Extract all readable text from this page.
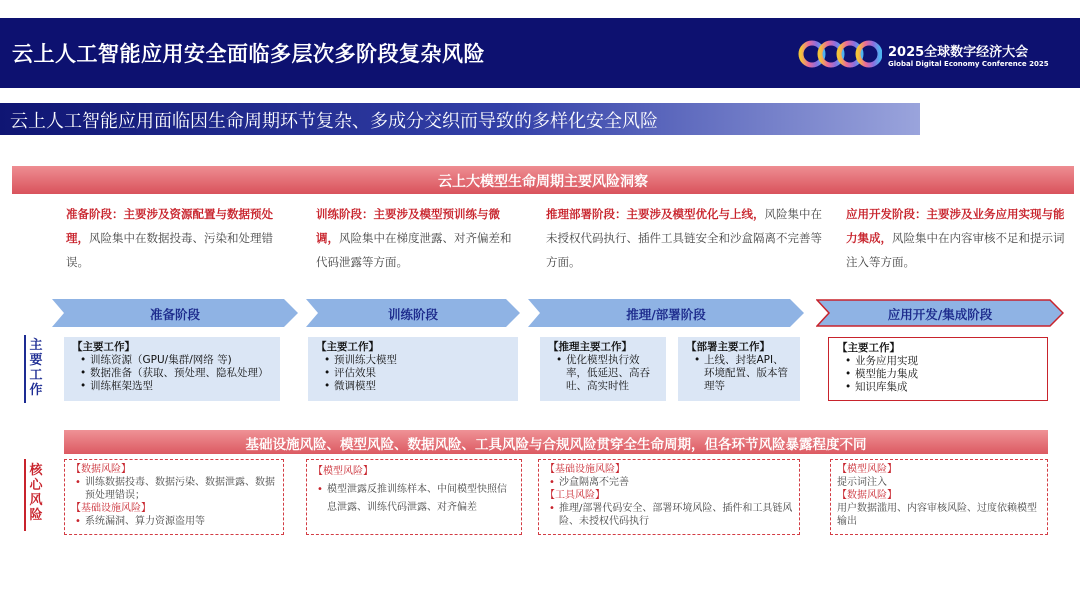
云上人工智能应用安全面临多层次多阶段复杂风险	2025全球数字经济大会
Global Digital Economy Conference 2025
云上人工智能应用面临因生命周期环节复杂、多成分交织而导致的多样化安全风险
云上大模型生命周期主要风险洞察
准备阶段：主要涉及资源配置与数据预处理，风险集中在数据投毒、污染和处理错误。
训练阶段：主要涉及模型预训练与微调，风险集中在梯度泄露、对齐偏差和代码泄露等方面。
推理部署阶段：主要涉及模型优化与上线，风险集中在未授权代码执行、插件工具链安全和沙盒隔离不完善等方面。
应用开发阶段：主要涉及业务应用实现与能力集成，风险集中在内容审核不足和提示词注入等方面。
准备阶段	训练阶段	推理/部署阶段	应用开发/集成阶段
主
要
工
作
核
心
风
险
【主要工作】
• 训练资源（GPU/集群/网络 等)
• 数据准备（获取、预处理、隐私处理）
• 训练框架选型
【主要工作】
• 预训练大模型
• 评估效果
• 微调模型
【推理主要工作】
• 优化模型执行效率，低延迟、高吞吐、高实时性
【部署主要工作】
• 上线、封装API、环境配置、版本管理等
【主要工作】
• 业务应用实现
• 模型能力集成
• 知识库集成
基础设施风险、模型风险、数据风险、工具风险与合规风险贯穿全生命周期，但各环节风险暴露程度不同
【数据风险】
• 训练数据投毒、数据污染、数据泄露、数据预处理错误；
【基础设施风险】
• 系统漏洞、算力资源盗用等
【模型风险】
• 模型泄露反推训练样本、中间模型快照信息泄露、训练代码泄露、对齐偏差
【基础设施风险】
• 沙盒隔离不完善
【工具风险】
• 推理/部署代码安全、部署环境风险、插件和工具链风险、未授权代码执行
【模型风险】
提示词注入
【数据风险】
用户数据滥用、内容审核风险、过度依赖模型输出
